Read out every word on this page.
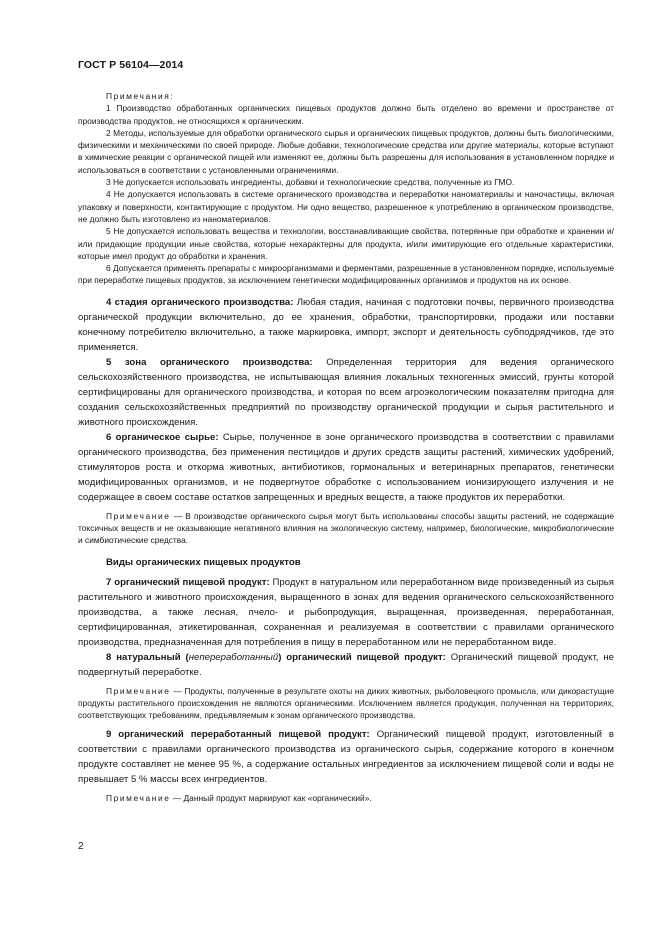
ГОСТ Р 56104—2014

Примечания:

1 Производство обработанных органических пищевых продуктов должно быть отделено во времени и пространстве от производства продуктов, не относящихся к органическим.

2 Методы, используемые для обработки органического сырья и органических пищевых продуктов, должны быть биологическими, физическими и механическими по своей природе. Любые добавки, технологические средства или другие материалы, которые вступают в химические реакции с органической пищей или изменяют ее, должны быть разрешены для использования в установленном порядке и использоваться в соответствии с установленными ограничениями.

3 Не допускается использовать ингредиенты, добавки и технологические средства, полученные из ГМО.

4 Не допускается использовать в системе органического производства и переработки наноматериалы и наночастицы, включая упаковку и поверхности, контактирующие с продуктом. Ни одно вещество, разрешенное к употреблению в органическом производстве, не должно быть изготовлено из наноматериалов.

5 Не допускается использовать вещества и технологии, восстанавливающие свойства, потерянные при обработке и хранении и/или придающие продукции иные свойства, которые нехарактерны для продукта, и/или имитирующие его отдельные характеристики, которые имел продукт до обработки и хранения.

6 Допускается применять препараты с микроорганизмами и ферментами, разрешенные в установленном порядке, используемые при переработке пищевых продуктов, за исключением генетически модифицированных организмов и продуктов на их основе.

4 стадия органического производства: Любая стадия, начиная с подготовки почвы, первичного производства органической продукции включительно, до ее хранения, обработки, транспортировки, продажи или поставки конечному потребителю включительно, а также маркировка, импорт, экспорт и деятельность субподрядчиков, где это применяется.

5 зона органического производства: Определенная территория для ведения органического сельскохозяйственного производства, не испытывающая влияния локальных техногенных эмиссий, грунты которой сертифицированы для органического производства, и которая по всем агроэкологическим показателям пригодна для создания сельскохозяйственных предприятий по производству органической продукции и сырья растительного и животного происхождения.

6 органическое сырье: Сырье, полученное в зоне органического производства в соответствии с правилами органического производства, без применения пестицидов и других средств защиты растений, химических удобрений, стимуляторов роста и откорма животных, антибиотиков, гормональных и ветеринарных препаратов, генетически модифицированных организмов, и не подвергнутое обработке с использованием ионизирующего излучения и не содержащее в своем составе остатков запрещенных и вредных веществ, а также продуктов их переработки.

Примечание — В производстве органического сырья могут быть использованы способы защиты растений, не содержащие токсичных веществ и не оказывающие негативного влияния на экологическую систему, например, биологические, микробиологические и симбиотические средства.

Виды органических пищевых продуктов

7 органический пищевой продукт: Продукт в натуральном или переработанном виде произведенный из сырья растительного и животного происхождения, выращенного в зонах для ведения органического сельскохозяйственного производства, а также лесная, пчело- и рыбопродукция, выращенная, произведенная, переработанная, сертифицированная, этикетированная, сохраненная и реализуемая в соответствии с правилами органического производства, предназначенная для потребления в пищу в переработанном или не переработанном виде.

8 натуральный (непереработанный) органический пищевой продукт: Органический пищевой продукт, не подвергнутый переработке.

Примечание — Продукты, полученные в результате охоты на диких животных, рыболовецкого промысла, или дикорастущие продукты растительного происхождения не являются органическими. Исключением является продукция, полученная на территориях, соответствующих требованиям, предъявляемым к зонам органического производства.

9 органический переработанный пищевой продукт: Органический пищевой продукт, изготовленный в соответствии с правилами органического производства из органического сырья, содержание которого в конечном продукте составляет не менее 95 %, а содержание остальных ингредиентов за исключением пищевой соли и воды не превышает 5 % массы всех ингредиентов.

Примечание — Данный продукт маркируют как «органический».

2
